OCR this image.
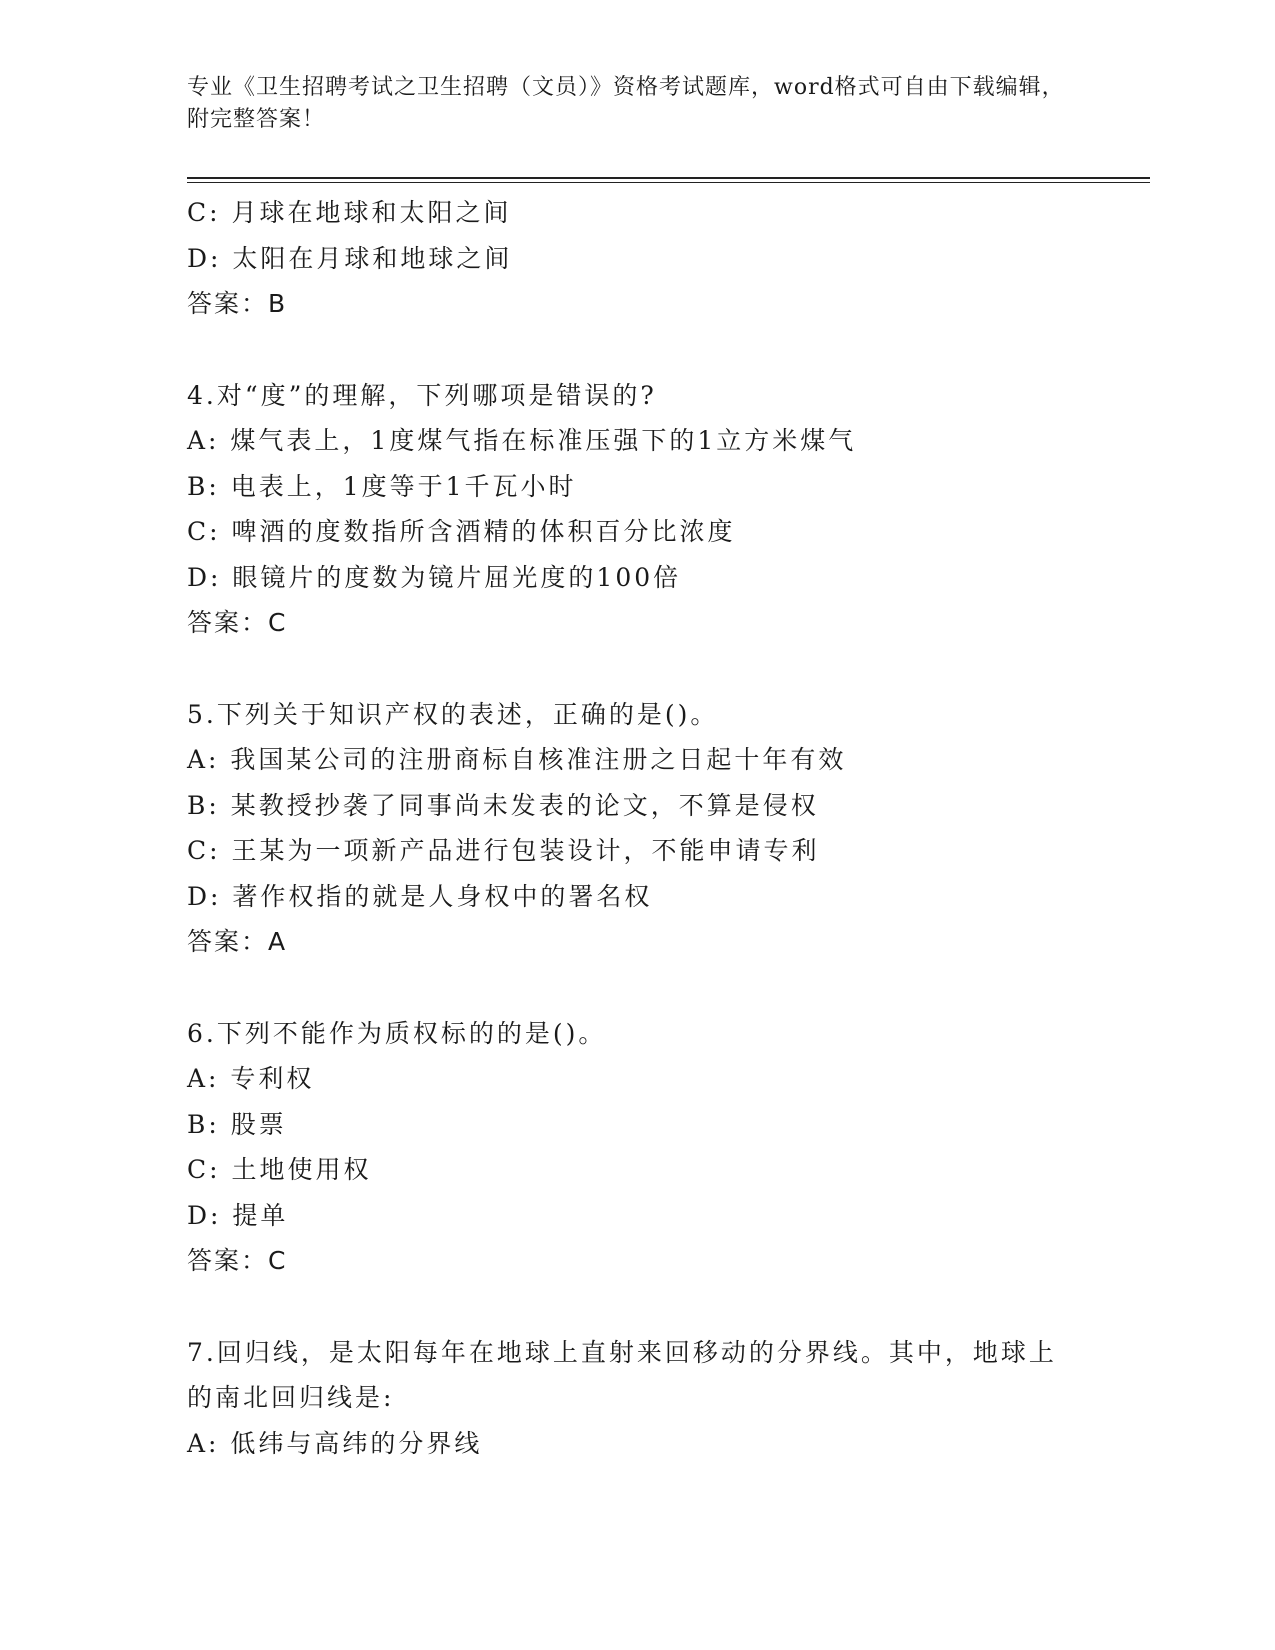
专业《卫生招聘考试之卫生招聘（文员）》资格考试题库，word格式可自由下载编辑，附完整答案！
C: 月球在地球和太阳之间
D: 太阳在月球和地球之间
答案：B
4.对“度”的理解，下列哪项是错误的?
A: 煤气表上，1度煤气指在标准压强下的1立方米煤气
B: 电表上，1度等于1千瓦小时
C: 啤酒的度数指所含酒精的体积百分比浓度
D: 眼镜片的度数为镜片屈光度的100倍
答案：C
5.下列关于知识产权的表述，正确的是()。
A: 我国某公司的注册商标自核准注册之日起十年有效
B: 某教授抄袭了同事尚未发表的论文，不算是侵权
C: 王某为一项新产品进行包装设计，不能申请专利
D: 著作权指的就是人身权中的署名权
答案：A
6.下列不能作为质权标的的是()。
A: 专利权
B: 股票
C: 土地使用权
D: 提单
答案：C
7.回归线，是太阳每年在地球上直射来回移动的分界线。其中，地球上的南北回归线是:
A: 低纬与高纬的分界线
